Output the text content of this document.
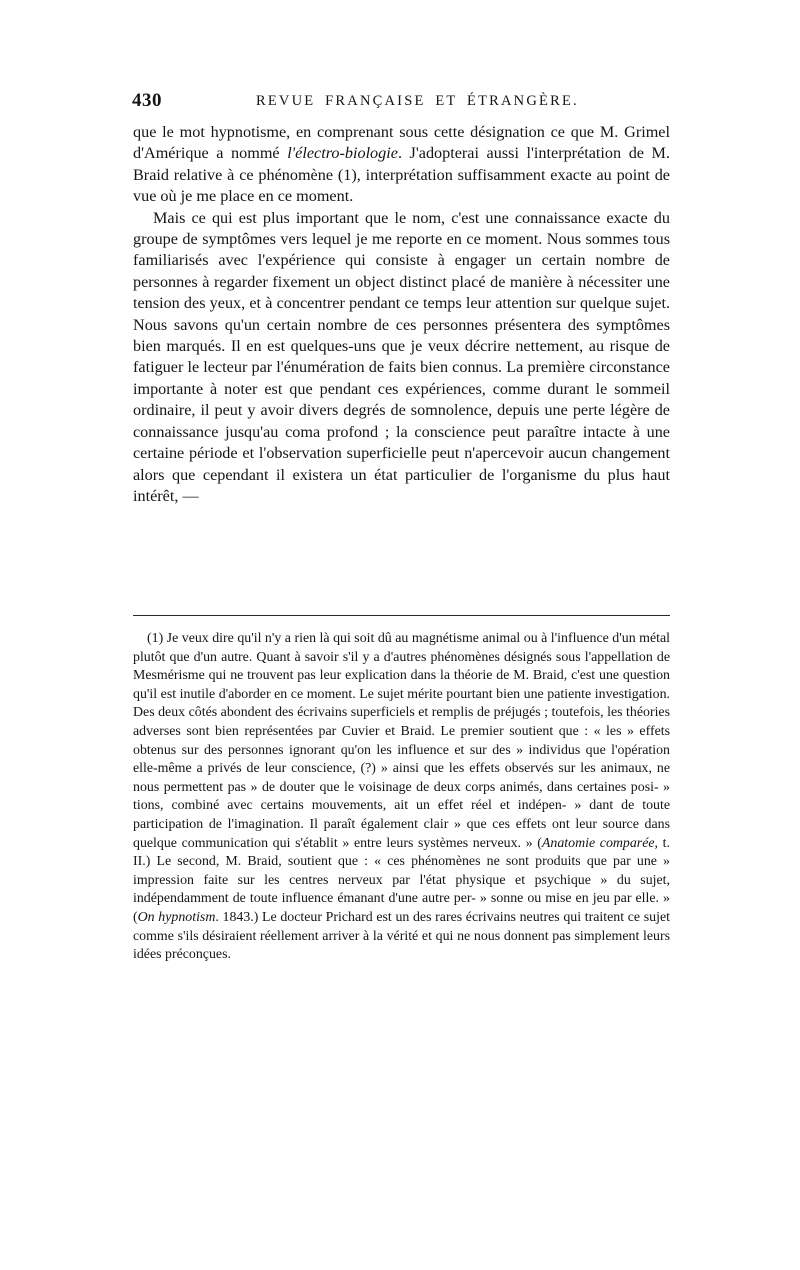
430	REVUE FRANÇAISE ET ÉTRANGÈRE.

que le mot hypnotisme, en comprenant sous cette désignation ce que M. Grimel d'Amérique a nommé l'électro-biologie. J'adopterai aussi l'interprétation de M. Braid relative à ce phénomène (1), interprétation suffisamment exacte au point de vue où je me place en ce moment.

Mais ce qui est plus important que le nom, c'est une connaissance exacte du groupe de symptômes vers lequel je me reporte en ce moment. Nous sommes tous familiarisés avec l'expérience qui consiste à engager un certain nombre de personnes à regarder fixement un object distinct placé de manière à nécessiter une tension des yeux, et à concentrer pendant ce temps leur attention sur quelque sujet. Nous savons qu'un certain nombre de ces personnes présentera des symptômes bien marqués. Il en est quelques-uns que je veux décrire nettement, au risque de fatiguer le lecteur par l'énumération de faits bien connus. La première circonstance importante à noter est que pendant ces expériences, comme durant le sommeil ordinaire, il peut y avoir divers degrés de somnolence, depuis une perte légère de connaissance jusqu'au coma profond ; la conscience peut paraître intacte à une certaine période et l'observation superficielle peut n'apercevoir aucun changement alors que cependant il existera un état particulier de l'organisme du plus haut intérêt, —

(1) Je veux dire qu'il n'y a rien là qui soit dû au magnétisme animal ou à l'influence d'un métal plutôt que d'un autre. Quant à savoir s'il y a d'autres phénomènes désignés sous l'appellation de Mesmérisme qui ne trouvent pas leur explication dans la théorie de M. Braid, c'est une question qu'il est inutile d'aborder en ce moment. Le sujet mérite pourtant bien une patiente investigation. Des deux côtés abondent des écrivains superficiels et remplis de préjugés ; toutefois, les théories adverses sont bien représentées par Cuvier et Braid. Le premier soutient que : « les » effets obtenus sur des personnes ignorant qu'on les influence et sur des » individus que l'opération elle-même a privés de leur conscience, (?) » ainsi que les effets observés sur les animaux, ne nous permettent pas » de douter que le voisinage de deux corps animés, dans certaines posi- » tions, combiné avec certains mouvements, ait un effet réel et indépen- » dant de toute participation de l'imagination. Il paraît également clair » que ces effets ont leur source dans quelque communication qui s'établit » entre leurs systèmes nerveux. » (Anatomie comparée, t. II.) Le second, M. Braid, soutient que : « ces phénomènes ne sont produits que par une » impression faite sur les centres nerveux par l'état physique et psychique » du sujet, indépendamment de toute influence émanant d'une autre per- » sonne ou mise en jeu par elle. » (On hypnotism. 1843.) Le docteur Prichard est un des rares écrivains neutres qui traitent ce sujet comme s'ils désiraient réellement arriver à la vérité et qui ne nous donnent pas simplement leurs idées préconçues.
